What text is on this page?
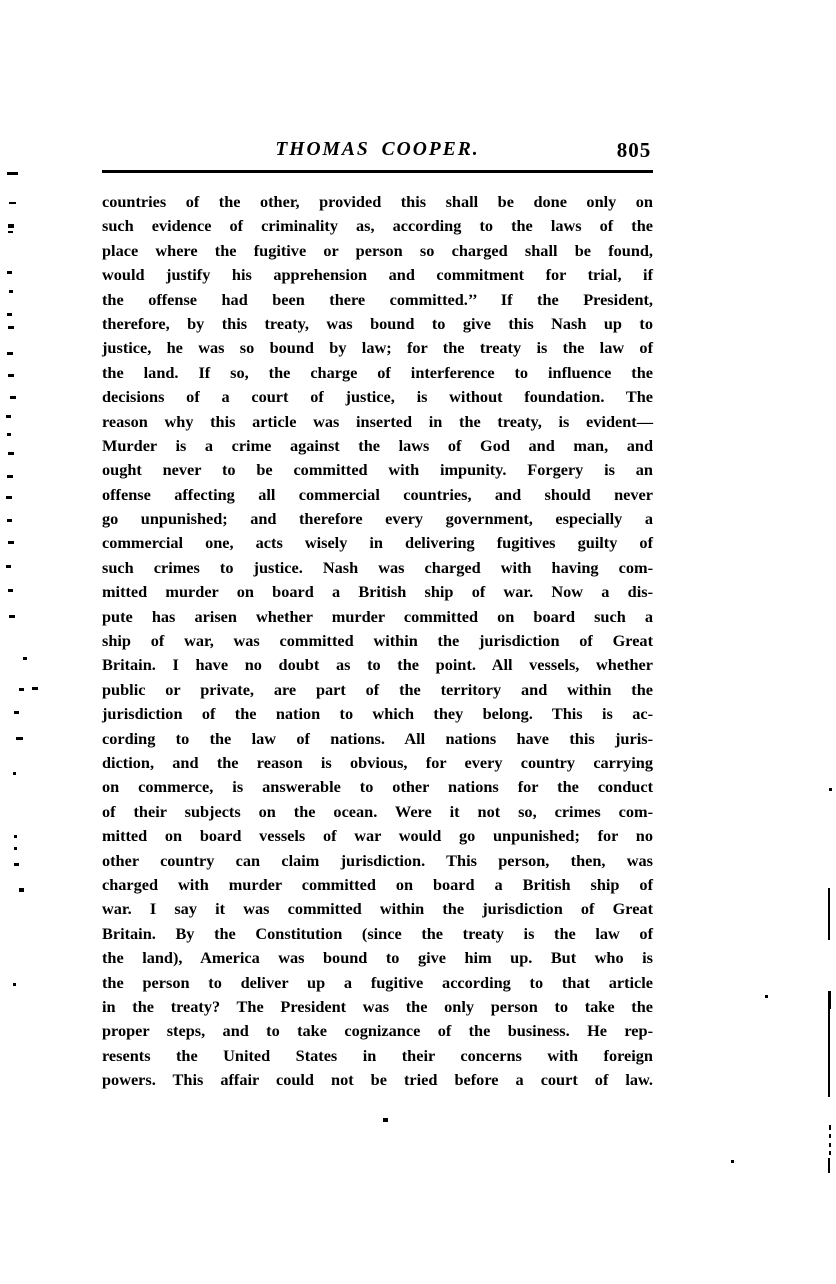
THOMAS COOPER.	805
countries of the other, provided this shall be done only on
such evidence of criminality as, according to the laws of the
place where the fugitive or person so charged shall be found,
would justify his apprehension and commitment for trial, if
the offense had been there committed.’’ If the President,
therefore, by this treaty, was bound to give this Nash up to
justice, he was so bound by law; for the treaty is the law of
the land. If so, the charge of interference to influence the
decisions of a court of justice, is without foundation. The
reason why this article was inserted in the treaty, is evident—
Murder is a crime against the laws of God and man, and
ought never to be committed with impunity. Forgery is an
offense affecting all commercial countries, and should never
go unpunished; and therefore every government, especially a
commercial one, acts wisely in delivering fugitives guilty of
such crimes to justice. Nash was charged with having com-
mitted murder on board a British ship of war. Now a dis-
pute has arisen whether murder committed on board such a
ship of war, was committed within the jurisdiction of Great
Britain. I have no doubt as to the point. All vessels, whether
public or private, are part of the territory and within the
jurisdiction of the nation to which they belong. This is ac-
cording to the law of nations. All nations have this juris-
diction, and the reason is obvious, for every country carrying
on commerce, is answerable to other nations for the conduct
of their subjects on the ocean. Were it not so, crimes com-
mitted on board vessels of war would go unpunished; for no
other country can claim jurisdiction. This person, then, was
charged with murder committed on board a British ship of
war. I say it was committed within the jurisdiction of Great
Britain. By the Constitution (since the treaty is the law of
the land), America was bound to give him up. But who is
the person to deliver up a fugitive according to that article
in the treaty? The President was the only person to take the
proper steps, and to take cognizance of the business. He rep-
resents the United States in their concerns with foreign
powers. This affair could not be tried before a court of law.
